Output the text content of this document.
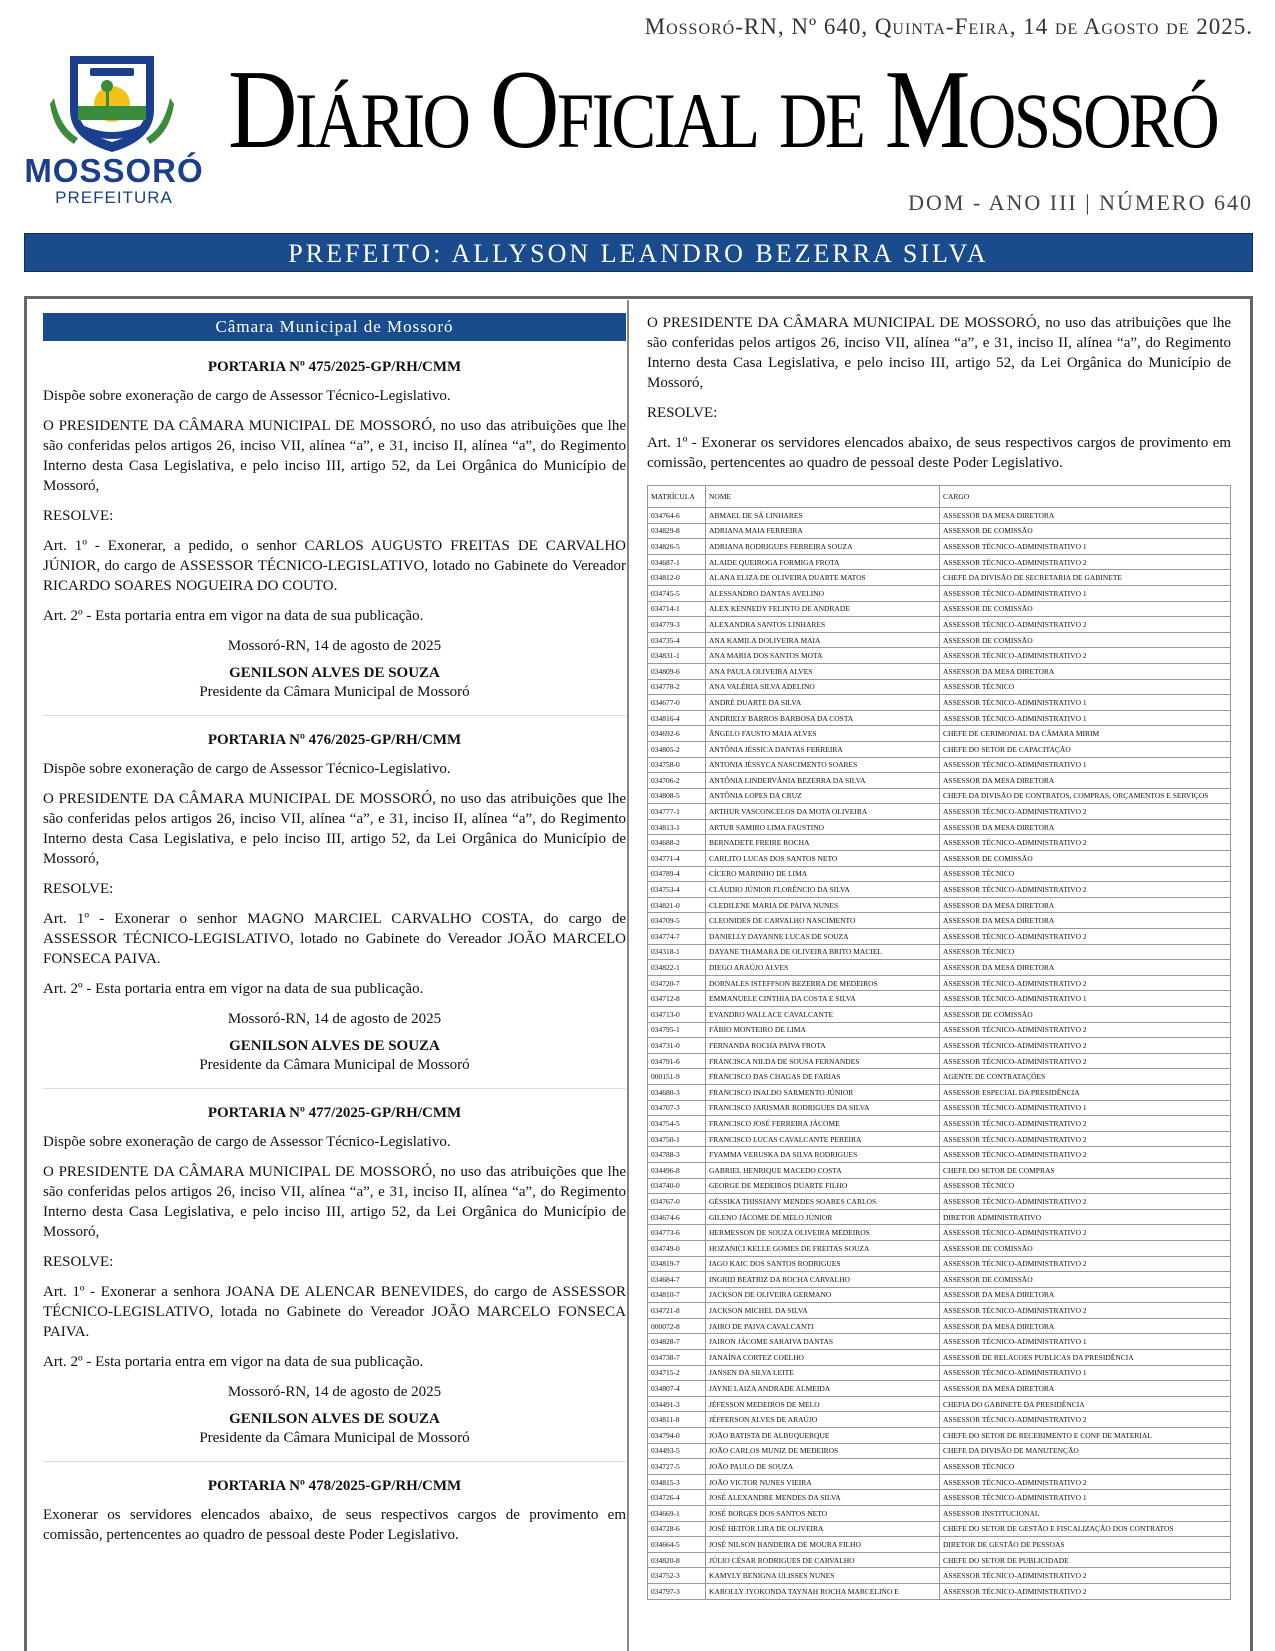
Mossoró-RN, Nº 640, Quinta-Feira, 14 de Agosto de 2025.
MOSSORÓ
PREFEITURA
Diário Oficial de Mossoró
DOM - ANO III | NÚMERO 640
PREFEITO: ALLYSON LEANDRO BEZERRA SILVA
Câmara Municipal de Mossoró
PORTARIA Nº 475/2025-GP/RH/CMM
Dispõe sobre exoneração de cargo de Assessor Técnico-Legislativo.
O PRESIDENTE DA CÂMARA MUNICIPAL DE MOSSORÓ, no uso das atribuições que lhe são conferidas pelos artigos 26, inciso VII, alínea “a”, e 31, inciso II, alínea “a”, do Regimento Interno desta Casa Legislativa, e pelo inciso III, artigo 52, da Lei Orgânica do Município de Mossoró,
RESOLVE:
Art. 1º - Exonerar, a pedido, o senhor CARLOS AUGUSTO FREITAS DE CARVALHO JÚNIOR, do cargo de ASSESSOR TÉCNICO-LEGISLATIVO, lotado no Gabinete do Vereador RICARDO SOARES NOGUEIRA DO COUTO.
Art. 2º - Esta portaria entra em vigor na data de sua publicação.
Mossoró-RN, 14 de agosto de 2025
GENILSON ALVES DE SOUZA
Presidente da Câmara Municipal de Mossoró
PORTARIA Nº 476/2025-GP/RH/CMM
Dispõe sobre exoneração de cargo de Assessor Técnico-Legislativo.
O PRESIDENTE DA CÂMARA MUNICIPAL DE MOSSORÓ, no uso das atribuições que lhe são conferidas pelos artigos 26, inciso VII, alínea “a”, e 31, inciso II, alínea “a”, do Regimento Interno desta Casa Legislativa, e pelo inciso III, artigo 52, da Lei Orgânica do Município de Mossoró,
RESOLVE:
Art. 1º - Exonerar o senhor MAGNO MARCIEL CARVALHO COSTA, do cargo de ASSESSOR TÉCNICO-LEGISLATIVO, lotado no Gabinete do Vereador JOÃO MARCELO FONSECA PAIVA.
Art. 2º - Esta portaria entra em vigor na data de sua publicação.
Mossoró-RN, 14 de agosto de 2025
GENILSON ALVES DE SOUZA
Presidente da Câmara Municipal de Mossoró
PORTARIA Nº 477/2025-GP/RH/CMM
Dispõe sobre exoneração de cargo de Assessor Técnico-Legislativo.
O PRESIDENTE DA CÂMARA MUNICIPAL DE MOSSORÓ, no uso das atribuições que lhe são conferidas pelos artigos 26, inciso VII, alínea “a”, e 31, inciso II, alínea “a”, do Regimento Interno desta Casa Legislativa, e pelo inciso III, artigo 52, da Lei Orgânica do Município de Mossoró,
RESOLVE:
Art. 1º - Exonerar a senhora JOANA DE ALENCAR BENEVIDES, do cargo de ASSESSOR TÉCNICO-LEGISLATIVO, lotada no Gabinete do Vereador JOÃO MARCELO FONSECA PAIVA.
Art. 2º - Esta portaria entra em vigor na data de sua publicação.
Mossoró-RN, 14 de agosto de 2025
GENILSON ALVES DE SOUZA
Presidente da Câmara Municipal de Mossoró
PORTARIA Nº 478/2025-GP/RH/CMM
Exonerar os servidores elencados abaixo, de seus respectivos cargos de provimento em comissão, pertencentes ao quadro de pessoal deste Poder Legislativo.
O PRESIDENTE DA CÂMARA MUNICIPAL DE MOSSORÓ, no uso das atribuições que lhe são conferidas pelos artigos 26, inciso VII, alínea “a”, e 31, inciso II, alínea “a”, do Regimento Interno desta Casa Legislativa, e pelo inciso III, artigo 52, da Lei Orgânica do Município de Mossoró,
RESOLVE:
Art. 1º - Exonerar os servidores elencados abaixo, de seus respectivos cargos de provimento em comissão, pertencentes ao quadro de pessoal deste Poder Legislativo.
MATRÍCULA	NOME	CARGO
034764-6	ABMAEL DE SÁ LINHARES	ASSESSOR DA MESA DIRETORA
034829-8	ADRIANA MAIA FERREIRA	ASSESSOR DE COMISSÃO
034826-5	ADRIANA RODRIGUES FERREIRA SOUZA	ASSESSOR TÉCNICO-ADMINISTRATIVO 1
034687-1	ALAIDE QUEIROGA FORMIGA FROTA	ASSESSOR TÉCNICO-ADMINISTRATIVO 2
034812-0	ALANA ELIZA DE OLIVEIRA DUARTE MATOS	CHEFE DA DIVISÃO DE SECRETARIA DE GABINETE
034745-5	ALESSANDRO DANTAS AVELINO	ASSESSOR TÉCNICO-ADMINISTRATIVO 1
034714-1	ALEX KENNEDY FELINTO DE ANDRADE	ASSESSOR DE COMISSÃO
034779-3	ALEXANDRA SANTOS LINHARES	ASSESSOR TÉCNICO-ADMINISTRATIVO 2
034735-4	ANA KAMILA DOLIVEIRA MAIA	ASSESSOR DE COMISSÃO
034831-1	ANA MARIA DOS SANTOS MOTA	ASSESSOR TÉCNICO-ADMINISTRATIVO 2
034809-6	ANA PAULA OLIVEIRA ALVES	ASSESSOR DA MESA DIRETORA
034778-2	ANA VALÉRIA SILVA ADELINO	ASSESSOR TÉCNICO
034677-0	ANDRÉ DUARTE DA SILVA	ASSESSOR TÉCNICO-ADMINISTRATIVO 1
034816-4	ANDRIELY BARROS BARBOSA DA COSTA	ASSESSOR TÉCNICO-ADMINISTRATIVO 1
034692-6	ÂNGELO FAUSTO MAIA ALVES	CHEFE DE CERIMONIAL DA CÂMARA MIRIM
034805-2	ANTÔNIA JÉSSICA DANTAS FERREIRA	CHEFE DO SETOR DE CAPACITAÇÃO
034758-0	ANTONIA JÉSSYCA NASCIMENTO SOARES	ASSESSOR TÉCNICO-ADMINISTRATIVO 1
034706-2	ANTÔNIA LINDERVÂNIA BEZERRA DA SILVA	ASSESSOR DA MESA DIRETORA
034808-5	ANTÔNIA LOPES DA CRUZ	CHEFE DA DIVISÃO DE CONTRATOS, COMPRAS, ORÇAMENTOS E SERVIÇOS
034777-1	ARTHUR VASCONCELOS DA MOTA OLIVEIRA	ASSESSOR TÉCNICO-ADMINISTRATIVO 2
034813-1	ARTUR SAMIRO LIMA FAUSTINO	ASSESSOR DA MESA DIRETORA
034688-2	BERNADETE FREIRE ROCHA	ASSESSOR TÉCNICO-ADMINISTRATIVO 2
034771-4	CARLITO LUCAS DOS SANTOS NETO	ASSESSOR DE COMISSÃO
034789-4	CÍCERO MARINHO DE LIMA	ASSESSOR TÉCNICO
034753-4	CLÁUDIO JÚNIOR FLORÊNCIO DA SILVA	ASSESSOR TÉCNICO-ADMINISTRATIVO 2
034821-0	CLEDILENE MARIA DE PAIVA NUNES	ASSESSOR DA MESA DIRETORA
034709-5	CLEONIDES DE CARVALHO NASCIMENTO	ASSESSOR DA MESA DIRETORA
034774-7	DANIELLY DAYANNE LUCAS DE SOUZA	ASSESSOR TÉCNICO-ADMINISTRATIVO 2
034318-1	DAYANE THAMARA DE OLIVEIRA BRITO MACIEL	ASSESSOR TÉCNICO
034822-1	DIEGO ARAÚJO ALVES	ASSESSOR DA MESA DIRETORA
034720-7	DORNALES ISTEFFSON BEZERRA DE MEDEIROS	ASSESSOR TÉCNICO-ADMINISTRATIVO 2
034712-8	EMMANUELE CINTHIA DA COSTA E SILVA	ASSESSOR TÉCNICO-ADMINISTRATIVO 1
034713-0	EVANDRO WALLACE CAVALCANTE	ASSESSOR DE COMISSÃO
034795-1	FÁBIO MONTEIRO DE LIMA	ASSESSOR TÉCNICO-ADMINISTRATIVO 2
034731-0	FERNANDA ROCHA PAIVA FROTA	ASSESSOR TÉCNICO-ADMINISTRATIVO 2
034791-6	FRANCISCA NILDA DE SOUSA FERNANDES	ASSESSOR TÉCNICO-ADMINISTRATIVO 2
000151-9	FRANCISCO DAS CHAGAS DE FARIAS	AGENTE DE CONTRATAÇÕES
034680-3	FRANCISCO INALDO SARMENTO JÚNIOR	ASSESSOR ESPECIAL DA PRESIDÊNCIA
034707-3	FRANCISCO JARISMAR RODRIGUES DA SILVA	ASSESSOR TÉCNICO-ADMINISTRATIVO 1
034754-5	FRANCISCO JOSÉ FERREIRA JÁCOME	ASSESSOR TÉCNICO-ADMINISTRATIVO 2
034750-1	FRANCISCO LUCAS CAVALCANTE PEREIRA	ASSESSOR TÉCNICO-ADMINISTRATIVO 2
034788-3	FYAMMA VERUSKA DA SILVA RODRIGUES	ASSESSOR TÉCNICO-ADMINISTRATIVO 2
034496-8	GABRIEL HENRIQUE MACEDO COSTA	CHEFE DO SETOR DE COMPRAS
034740-0	GEORGE DE MEDEIROS DUARTE FILHO	ASSESSOR TÉCNICO
034767-0	GÉSSIKA THISSIANY MENDES SOARES CARLOS	ASSESSOR TÉCNICO-ADMINISTRATIVO 2
034674-6	GILENO JÁCOME DE MELO JÚNIOR	DIRETOR ADMINISTRATIVO
034773-6	HERMESSON DE SOUZA OLIVEIRA MEDEIROS	ASSESSOR TÉCNICO-ADMINISTRATIVO 2
034749-0	HOZANICI KELLE GOMES DE FREITAS SOUZA	ASSESSOR DE COMISSÃO
034819-7	IAGO KAIC DOS SANTOS RODRIGUES	ASSESSOR TÉCNICO-ADMINISTRATIVO 2
034684-7	INGRID BEATRIZ DA ROCHA CARVALHO	ASSESSOR DE COMISSÃO
034810-7	JACKSON DE OLIVEIRA GERMANO	ASSESSOR DA MESA DIRETORA
034721-8	JACKSON MICHEL DA SILVA	ASSESSOR TÉCNICO-ADMINISTRATIVO 2
000072-8	JAIRO DE PAIVA CAVALCANTI	ASSESSOR DA MESA DIRETORA
034828-7	JAIRON JÁCOME SARAIVA DANTAS	ASSESSOR TÉCNICO-ADMINISTRATIVO 1
034738-7	JANAÍNA CORTEZ COELHO	ASSESSOR DE RELACOES PUBLICAS DA PRESIDÊNCIA
034715-2	JANSEN DA SILVA LEITE	ASSESSOR TÉCNICO-ADMINISTRATIVO 1
034807-4	JAYNE LAIZA ANDRADE ALMEIDA	ASSESSOR DA MESA DIRETORA
034491-3	JÉFESSON MEDEIROS DE MELO	CHEFIA DO GABINETE DA PRESIDÊNCIA
034811-8	JÉFFERSON ALVES DE ARAÚJO	ASSESSOR TÉCNICO-ADMINISTRATIVO 2
034794-0	JOÃO BATISTA DE ALBUQUERQUE	CHEFE DO SETOR DE RECEBIMENTO E CONF DE MATERIAL
034493-5	JOÃO CARLOS MUNIZ DE MEDEIROS	CHEFE DA DIVISÃO DE MANUTENÇÃO
034727-5	JOÃO PAULO DE SOUZA	ASSESSOR TÉCNICO
034815-3	JOÃO VICTOR NUNES VIEIRA	ASSESSOR TÉCNICO-ADMINISTRATIVO 2
034726-4	JOSÉ ALEXANDRE MENDES DA SILVA	ASSESSOR TÉCNICO-ADMINISTRATIVO 1
034669-1	JOSÉ BORGES DOS SANTOS NETO	ASSESSOR INSTITUCIONAL
034728-6	JOSÉ HEITOR LIRA DE OLIVEIRA	CHEFE DO SETOR DE GESTÃO E FISCALIZAÇÃO DOS CONTRATOS
034664-5	JOSÉ NILSON BANDEIRA DE MOURA FILHO	DIRETOR DE GESTÃO DE PESSOAS
034820-8	JÚLIO CÉSAR RODRIGUES DE CARVALHO	CHEFE DO SETOR DE PUBLICIDADE
034752-3	KAMYLY BENIGNA ULISSES NUNES	ASSESSOR TÉCNICO-ADMINISTRATIVO 2
034797-3	KAROLLY JYOKONDA TAYNAH ROCHA MARCELINO E	ASSESSOR TÉCNICO-ADMINISTRATIVO 2
